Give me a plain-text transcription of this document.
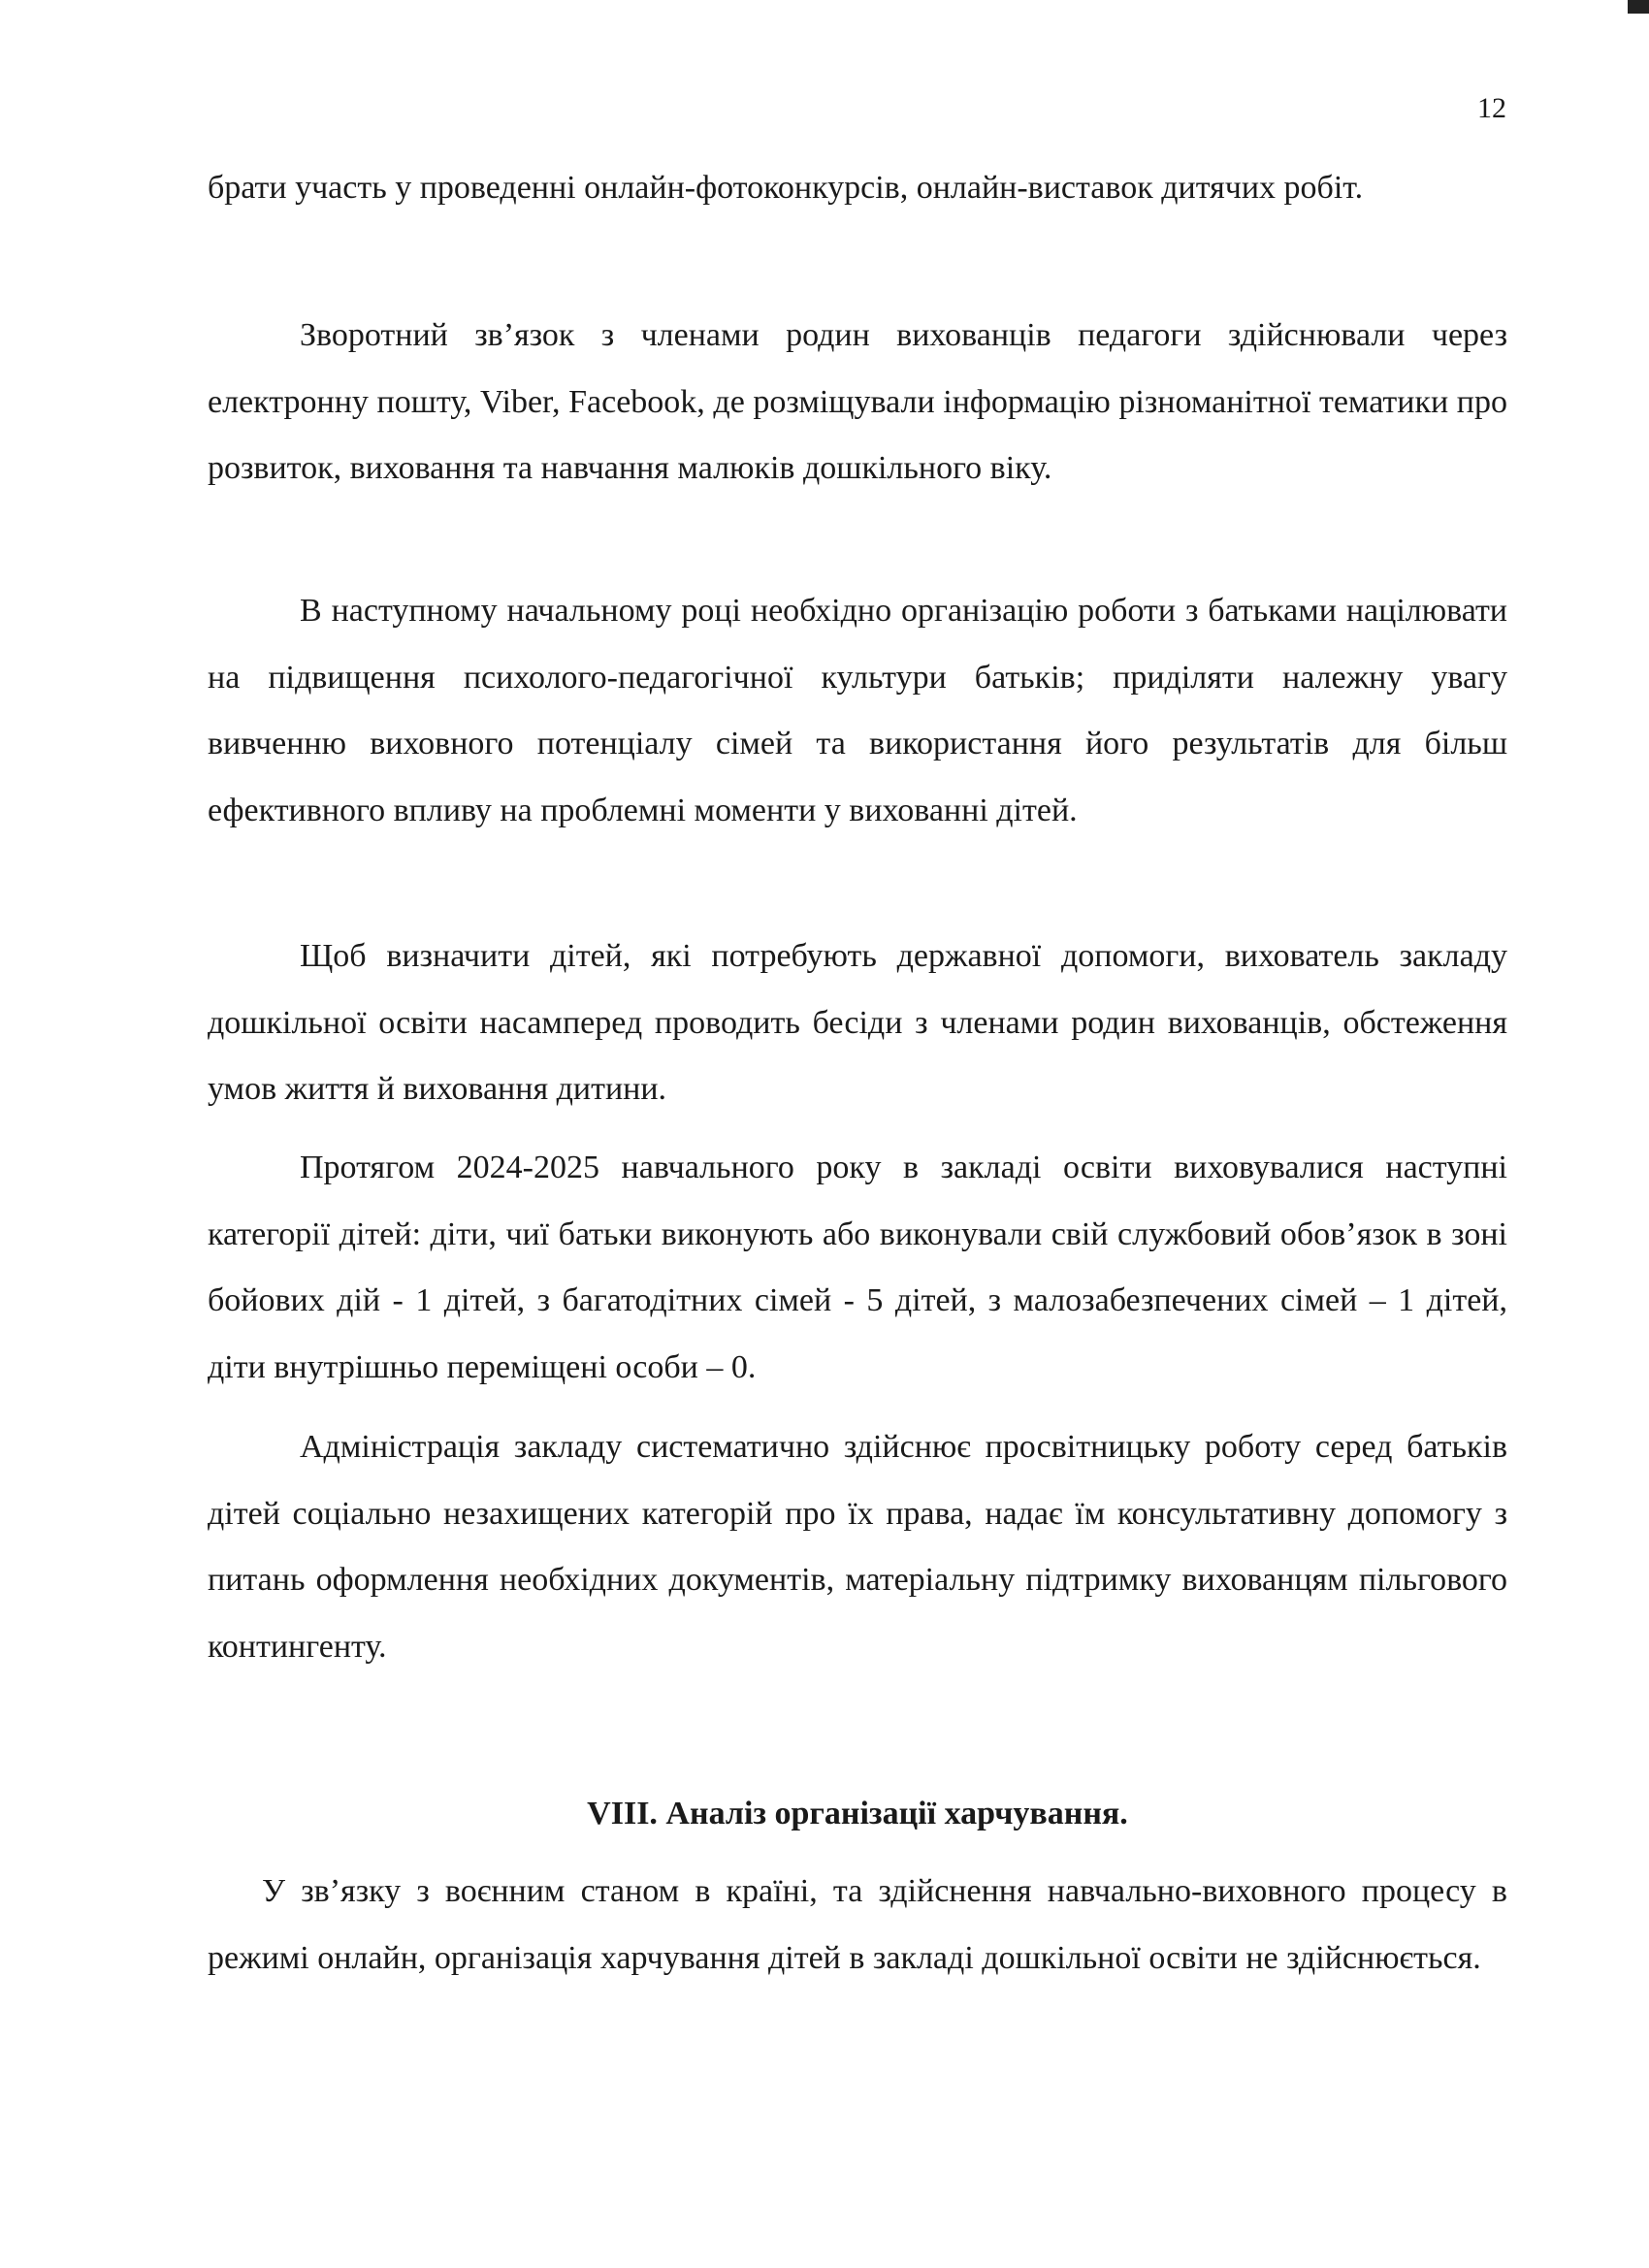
12

брати участь у проведенні онлайн-фотоконкурсів, онлайн-виставок дитячих робіт.

Зворотний зв’язок з членами родин вихованців педагоги здійснювали через електронну пошту, Viber, Facebook, де розміщували інформацію різноманітної тематики про розвиток, виховання та навчання малюків дошкільного віку.

В наступному начальному році необхідно організацію роботи з батьками націлювати на підвищення психолого-педагогічної культури батьків; приділяти належну увагу вивченню виховного потенціалу сімей та використання його результатів для більш ефективного впливу на проблемні моменти у вихованні дітей.

Щоб визначити дітей, які потребують державної допомоги, вихователь закладу дошкільної освіти насамперед проводить бесіди з членами родин вихованців, обстеження умов життя й виховання дитини.

Протягом 2024-2025 навчального року в закладі освіти виховувалися наступні категорії дітей: діти, чиї батьки виконують або виконували свій службовий обов’язок в зоні бойових дій - 1 дітей, з багатодітних сімей - 5 дітей, з малозабезпечених сімей – 1 дітей, діти внутрішньо переміщені особи – 0.

Адміністрація закладу систематично здійснює просвітницьку роботу серед батьків дітей соціально незахищених категорій про їх права, надає їм консультативну допомогу з питань оформлення необхідних документів, матеріальну підтримку вихованцям пільгового контингенту.

VIII. Аналіз організації харчування.

У зв’язку з воєнним станом в країні, та здійснення навчально-виховного процесу в режимі онлайн, організація харчування дітей в закладі дошкільної освіти не здійснюється.
